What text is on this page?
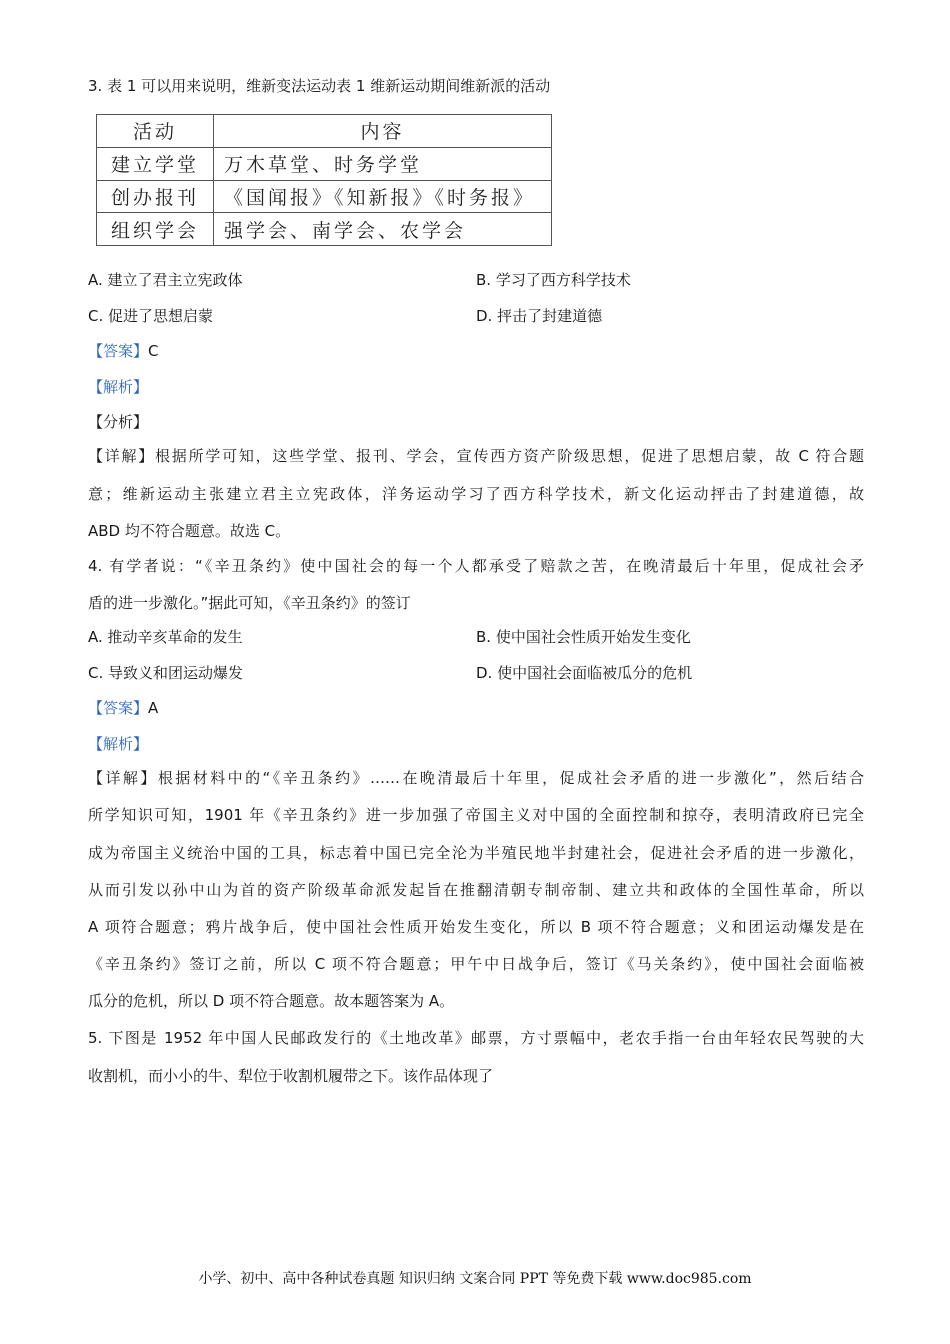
3. 表 1 可以用来说明，维新变法运动表 1 维新运动期间维新派的活动
活动	内容
建立学堂	万木草堂、时务学堂
创办报刊	《国闻报》《知新报》《时务报》
组织学会	强学会、南学会、农学会
A. 建立了君主立宪政体	B. 学习了西方科学技术
C. 促进了思想启蒙	D. 抨击了封建道德
【答案】C
【解析】
【分析】
【详解】根据所学可知，这些学堂、报刊、学会，宣传西方资产阶级思想，促进了思想启蒙，故 C 符合题
意；维新运动主张建立君主立宪政体，洋务运动学习了西方科学技术，新文化运动抨击了封建道德，故
ABD 均不符合题意。故选 C。
4. 有学者说：“《辛丑条约》使中国社会的每一个人都承受了赔款之苦，在晚清最后十年里，促成社会矛
盾的进一步激化。”据此可知，《辛丑条约》的签订
A. 推动辛亥革命的发生	B. 使中国社会性质开始发生变化
C. 导致义和团运动爆发	D. 使中国社会面临被瓜分的危机
【答案】A
【解析】
【详解】根据材料中的“《辛丑条约》……在晚清最后十年里，促成社会矛盾的进一步激化”，然后结合
所学知识可知，1901 年《辛丑条约》进一步加强了帝国主义对中国的全面控制和掠夺，表明清政府已完全
成为帝国主义统治中国的工具，标志着中国已完全沦为半殖民地半封建社会，促进社会矛盾的进一步激化，
从而引发以孙中山为首的资产阶级革命派发起旨在推翻清朝专制帝制、建立共和政体的全国性革命，所以
A 项符合题意；鸦片战争后，使中国社会性质开始发生变化，所以 B 项不符合题意；义和团运动爆发是在
《辛丑条约》签订之前，所以 C 项不符合题意；甲午中日战争后，签订《马关条约》，使中国社会面临被
瓜分的危机，所以 D 项不符合题意。故本题答案为 A。
5. 下图是 1952 年中国人民邮政发行的《土地改革》邮票，方寸票幅中，老农手指一台由年轻农民驾驶的大
收割机，而小小的牛、犁位于收割机履带之下。该作品体现了
小学、初中、高中各种试卷真题 知识归纳 文案合同 PPT 等免费下载 www.doc985.com
